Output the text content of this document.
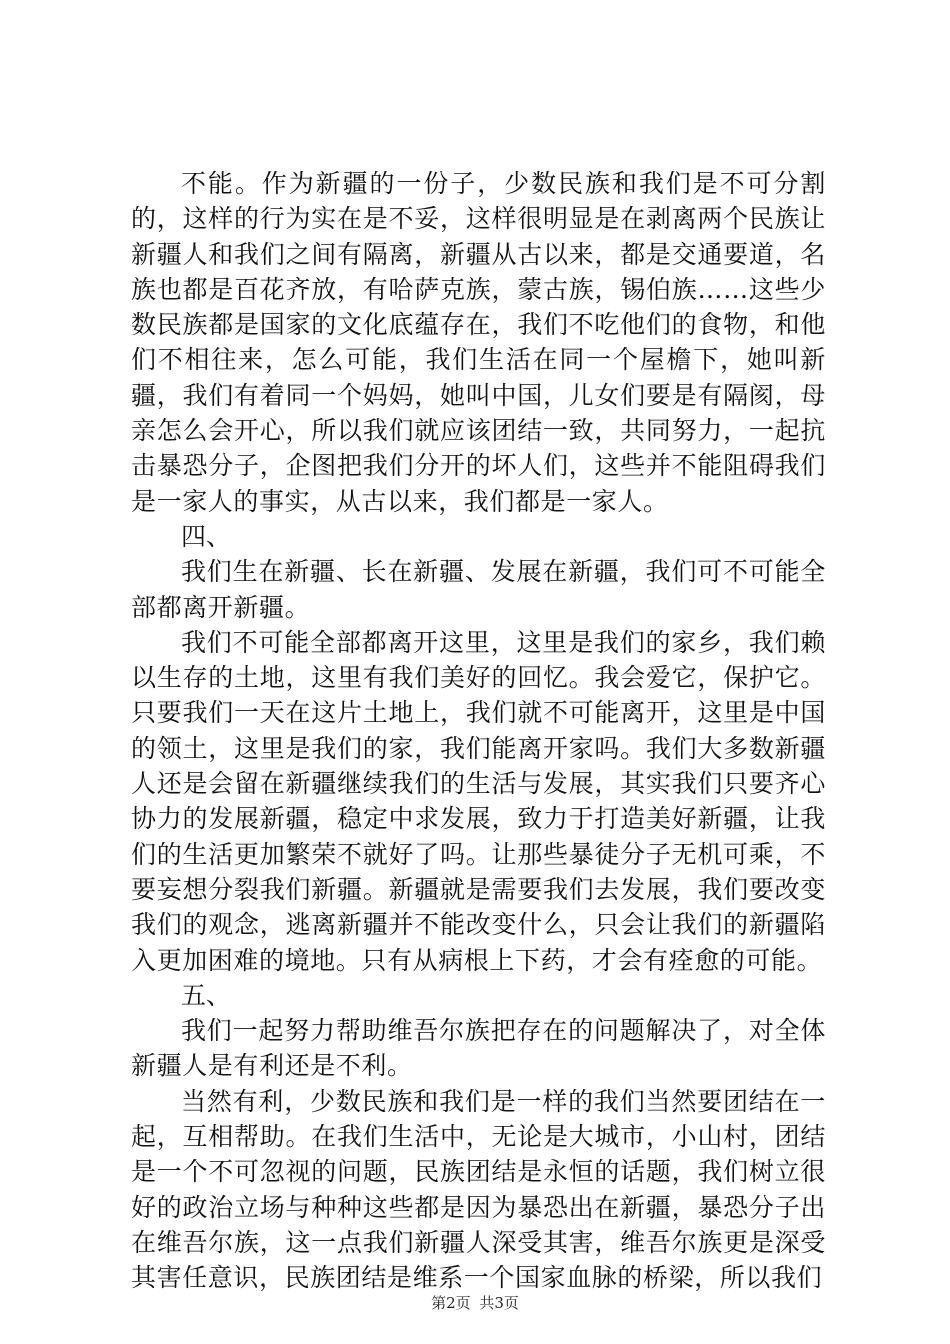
不能。作为新疆的一份子，少数民族和我们是不可分割的，这样的行为实在是不妥，这样很明显是在剥离两个民族让新疆人和我们之间有隔离，新疆从古以来，都是交通要道，名族也都是百花齐放，有哈萨克族，蒙古族，锡伯族……这些少数民族都是国家的文化底蕴存在，我们不吃他们的食物，和他们不相往来，怎么可能，我们生活在同一个屋檐下，她叫新疆，我们有着同一个妈妈，她叫中国，儿女们要是有隔阂，母亲怎么会开心，所以我们就应该团结一致，共同努力，一起抗击暴恐分子，企图把我们分开的坏人们，这些并不能阻碍我们是一家人的事实，从古以来，我们都是一家人。

四、

我们生在新疆、长在新疆、发展在新疆，我们可不可能全部都离开新疆。

我们不可能全部都离开这里，这里是我们的家乡，我们赖以生存的土地，这里有我们美好的回忆。我会爱它，保护它。只要我们一天在这片土地上，我们就不可能离开，这里是中国的领土，这里是我们的家，我们能离开家吗。我们大多数新疆人还是会留在新疆继续我们的生活与发展，其实我们只要齐心协力的发展新疆，稳定中求发展，致力于打造美好新疆，让我们的生活更加繁荣不就好了吗。让那些暴徒分子无机可乘，不要妄想分裂我们新疆。新疆就是需要我们去发展，我们要改变我们的观念，逃离新疆并不能改变什么，只会让我们的新疆陷入更加困难的境地。只有从病根上下药，才会有痊愈的可能。

五、

我们一起努力帮助维吾尔族把存在的问题解决了，对全体新疆人是有利还是不利。

当然有利，少数民族和我们是一样的我们当然要团结在一起，互相帮助。在我们生活中，无论是大城市，小山村，团结是一个不可忽视的问题，民族团结是永恒的话题，我们树立很好的政治立场与种种这些都是因为暴恐出在新疆，暴恐分子出在维吾尔族，这一点我们新疆人深受其害，维吾尔族更是深受其害任意识，民族团结是维系一个国家血脉的桥梁，所以我们

第2页 共3页
